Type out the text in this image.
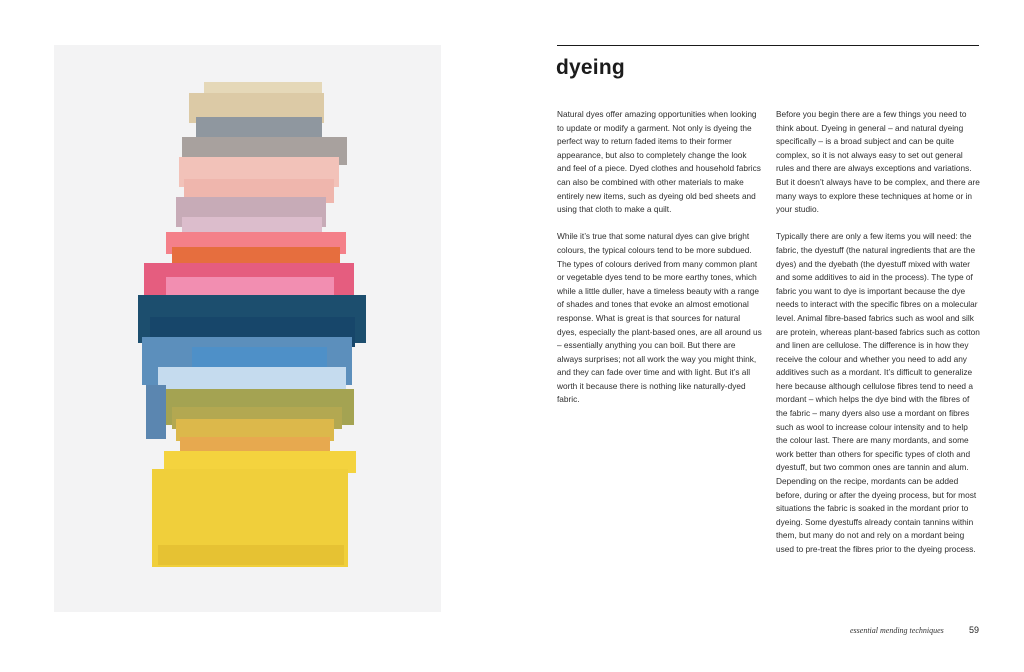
dyeing

Natural dyes offer amazing opportunities when looking to update or modify a garment. Not only is dyeing the perfect way to return faded items to their former appearance, but also to completely change the look and feel of a piece. Dyed clothes and household fabrics can also be combined with other materials to make entirely new items, such as dyeing old bed sheets and using that cloth to make a quilt.

While it’s true that some natural dyes can give bright colours, the typical colours tend to be more subdued. The types of colours derived from many common plant or vegetable dyes tend to be more earthy tones, which while a little duller, have a timeless beauty with a range of shades and tones that evoke an almost emotional response. What is great is that sources for natural dyes, especially the plant-based ones, are all around us – essentially anything you can boil. But there are always surprises; not all work the way you might think, and they can fade over time and with light. But it’s all worth it because there is nothing like naturally-dyed fabric.

Before you begin there are a few things you need to think about. Dyeing in general – and natural dyeing specifically – is a broad subject and can be quite complex, so it is not always easy to set out general rules and there are always exceptions and variations. But it doesn’t always have to be complex, and there are many ways to explore these techniques at home or in your studio.

Typically there are only a few items you will need: the fabric, the dyestuff (the natural ingredients that are the dyes) and the dyebath (the dyestuff mixed with water and some additives to aid in the process). The type of fabric you want to dye is important because the dye needs to interact with the specific fibres on a molecular level. Animal fibre-based fabrics such as wool and silk are protein, whereas plant-based fabrics such as cotton and linen are cellulose. The difference is in how they receive the colour and whether you need to add any additives such as a mordant. It’s difficult to generalize here because although cellulose fibres tend to need a mordant – which helps the dye bind with the fibres of the fabric – many dyers also use a mordant on fibres such as wool to increase colour intensity and to help the colour last. There are many mordants, and some work better than others for specific types of cloth and dyestuff, but two common ones are tannin and alum. Depending on the recipe, mordants can be added before, during or after the dyeing process, but for most situations the fabric is soaked in the mordant prior to dyeing. Some dyestuffs already contain tannins within them, but many do not and rely on a mordant being used to pre-treat the fibres prior to the dyeing process.

essential mending techniques	59
